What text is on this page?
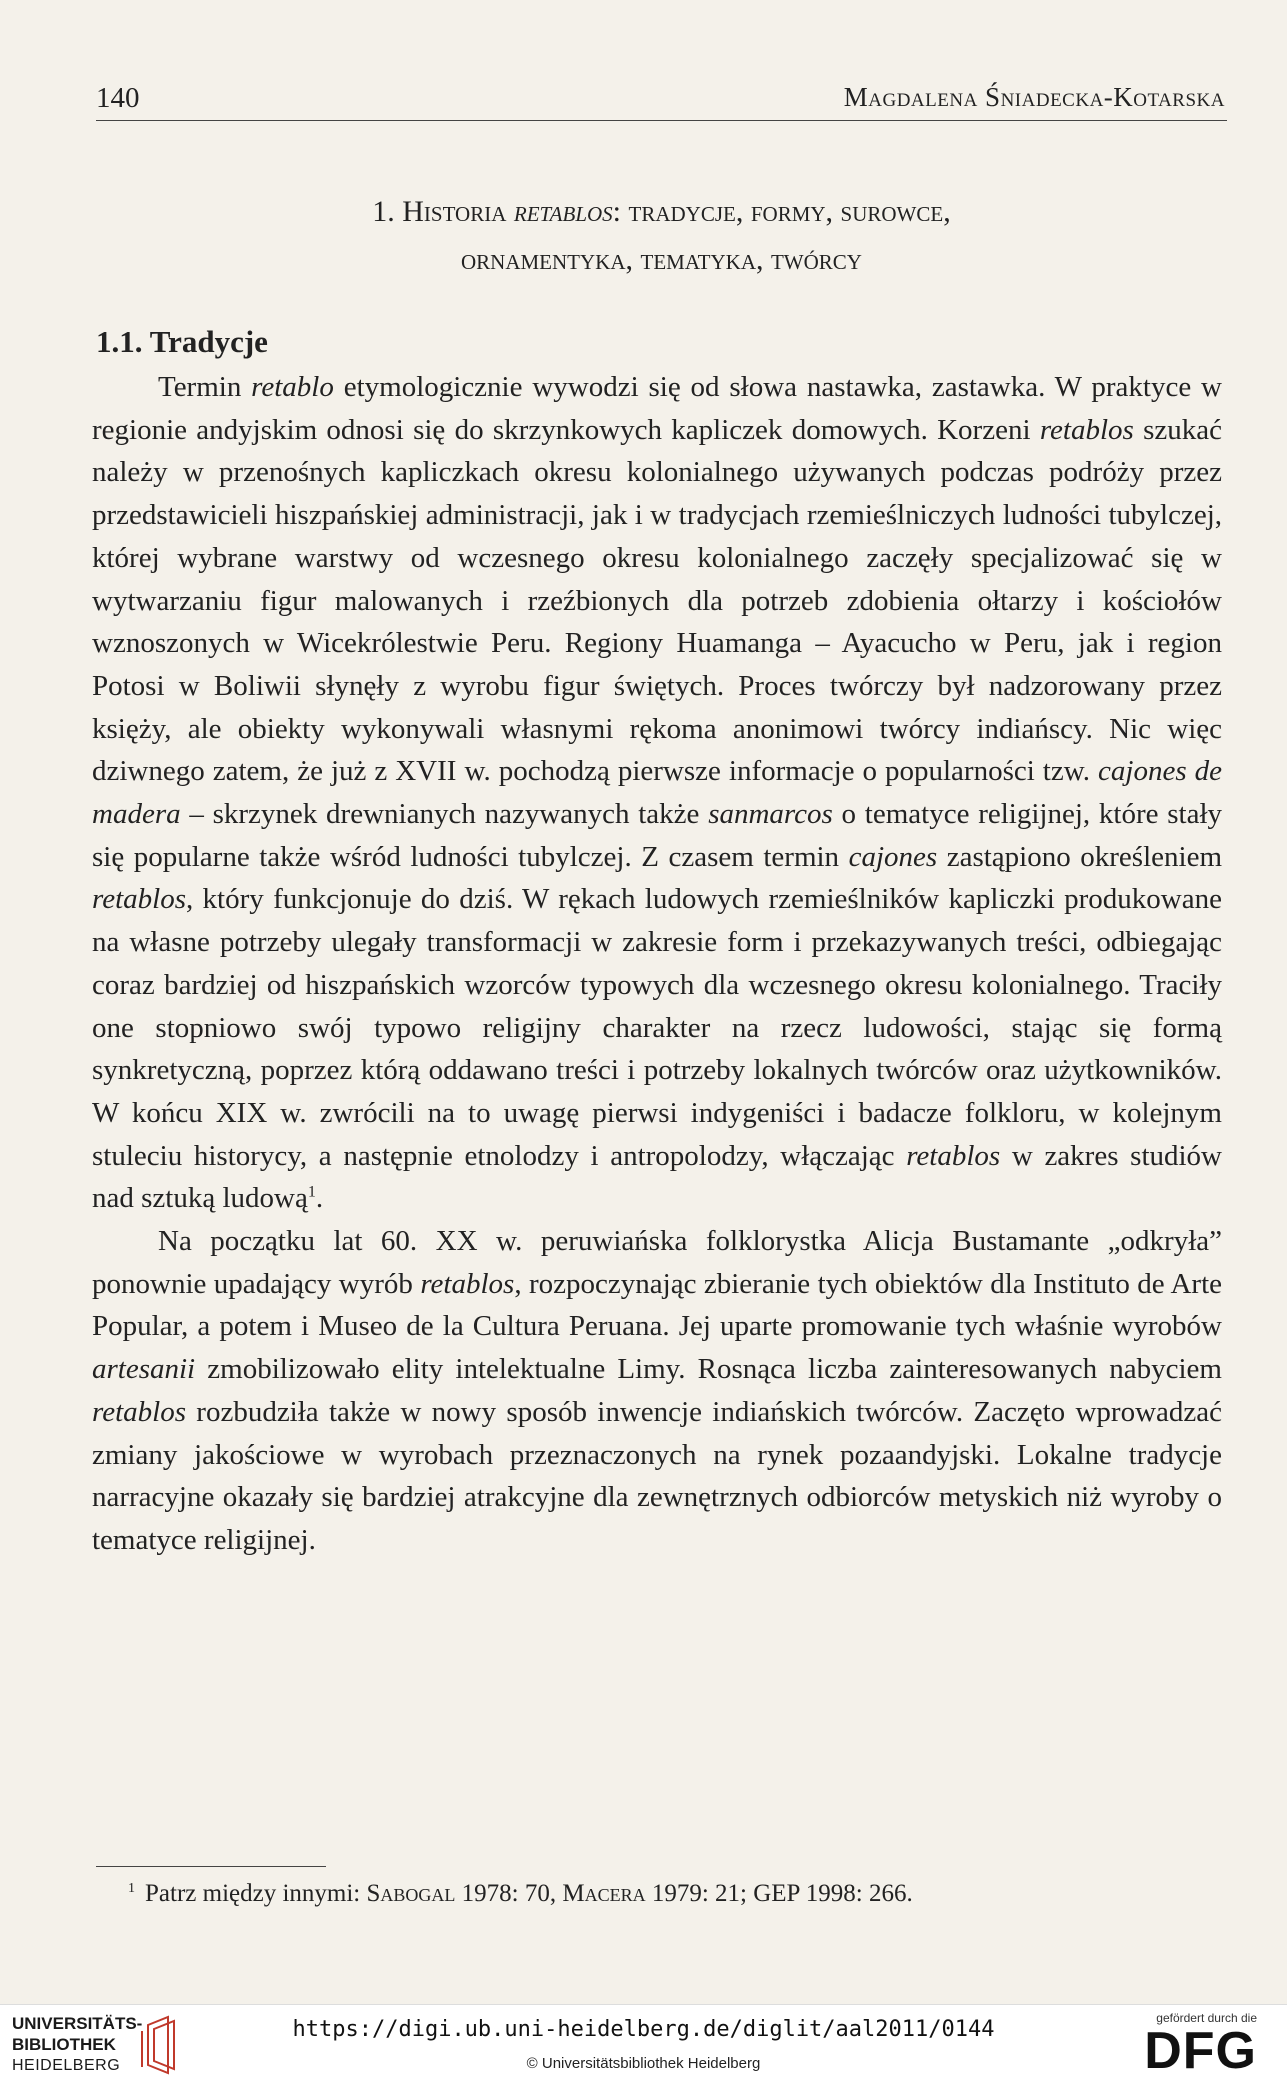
140	Magdalena Śniadecka-Kotarska
1. Historia retablos: tradycje, formy, surowce,
ornamentyka, tematyka, twórcy
1.1. Tradycje

Termin retablo etymologicznie wywodzi się od słowa nastawka, zastawka. W praktyce w regionie andyjskim odnosi się do skrzynkowych kapliczek domowych. Korzeni retablos szukać należy w przenośnych kapliczkach okresu kolonialnego używanych podczas podróży przez przedstawicieli hiszpańskiej administracji, jak i w tradycjach rzemieślniczych ludności tubylczej, której wybrane warstwy od wczesnego okresu kolonialnego zaczęły specjalizować się w wytwarzaniu figur malowanych i rzeźbionych dla potrzeb zdobienia ołtarzy i kościołów wznoszonych w Wicekrólestwie Peru. Regiony Huamanga – Ayacucho w Peru, jak i region Potosi w Boliwii słynęły z wyrobu figur świętych. Proces twórczy był nadzorowany przez księży, ale obiekty wykonywali własnymi rękoma anonimowi twórcy indiańscy. Nic więc dziwnego zatem, że już z XVII w. pochodzą pierwsze informacje o popularności tzw. cajones de madera – skrzynek drewnianych nazywanych także sanmarcos o tematyce religijnej, które stały się popularne także wśród ludności tubylczej. Z czasem termin cajones zastąpiono określeniem retablos, który funkcjonuje do dziś. W rękach ludowych rzemieślników kapliczki produkowane na własne potrzeby ulegały transformacji w zakresie form i przekazywanych treści, odbiegając coraz bardziej od hiszpańskich wzorców typowych dla wczesnego okresu kolonialnego. Traciły one stopniowo swój typowo religijny charakter na rzecz ludowości, stając się formą synkretyczną, poprzez którą oddawano treści i potrzeby lokalnych twórców oraz użytkowników. W końcu XIX w. zwrócili na to uwagę pierwsi indygeniści i badacze folkloru, w kolejnym stuleciu historycy, a następnie etnolodzy i antropolodzy, włączając retablos w zakres studiów nad sztuką ludową$^1$.

Na początku lat 60. XX w. peruwiańska folklorystka Alicja Bustamante „odkryła” ponownie upadający wyrób retablos, rozpoczynając zbieranie tych obiektów dla Instituto de Arte Popular, a potem i Museo de la Cultura Peruana. Jej uparte promowanie tych właśnie wyrobów artesanii zmobilizowało elity intelektualne Limy. Rosnąca liczba zainteresowanych nabyciem retablos rozbudziła także w nowy sposób inwencje indiańskich twórców. Zaczęto wprowadzać zmiany jakościowe w wyrobach przeznaczonych na rynek pozaandyjski. Lokalne tradycje narracyjne okazały się bardziej atrakcyjne dla zewnętrznych odbiorców metyskich niż wyroby o tematyce religijnej.

$^1$ Patrz między innymi: Sabogal 1978: 70, Macera 1979: 21; GEP 1998: 266.
UNIVERSITÄTS-
BIBLIOTHEK
HEIDELBERG
https://digi.ub.uni-heidelberg.de/diglit/aal2011/0144
© Universitätsbibliothek Heidelberg
gefördert durch die
DFG
